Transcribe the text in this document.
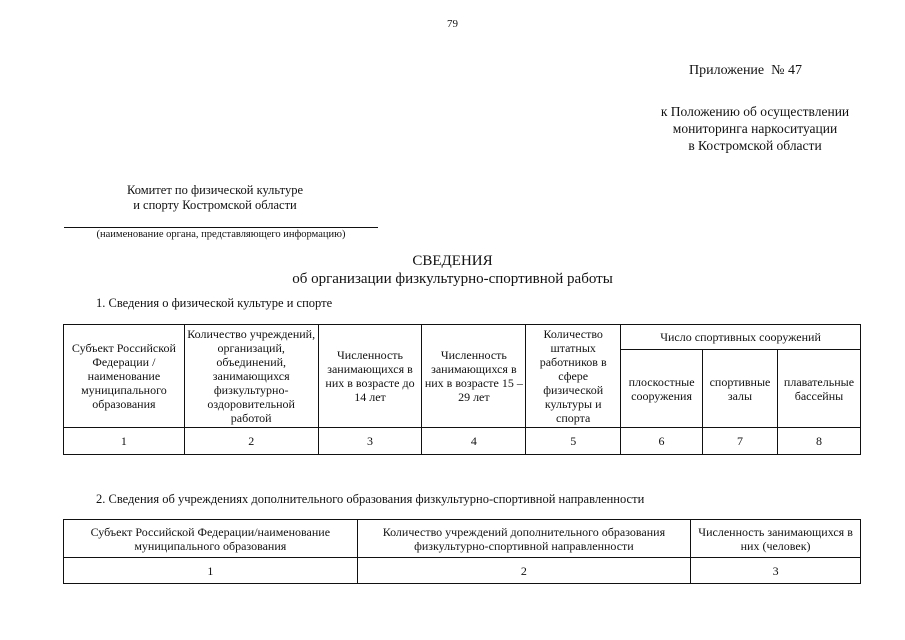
79
Приложение  № 47
к Положению об осуществлении
мониторинга наркоситуации
в Костромской области
Комитет по физической культуре
и спорту Костромской области
(наименование органа, представляющего информацию)
СВЕДЕНИЯ
об организации физкультурно-спортивной работы
1. Сведения о физической культуре и спорте
Субъект Российской Федерации /наименование муниципального образования	Количество учреждений, организаций, объединений, занимающихся физкультурно-оздоровительной работой	Численность занимающихся в них в возрасте до 14 лет	Численность занимающихся в них в возрасте 15 – 29 лет	Количество штатных работников в сфере физической культуры и спорта	Число спортивных сооружений		
					плоскостные сооружения	спортивные залы	плавательные бассейны
1	2	3	4	5	6	7	8
2. Сведения об учреждениях дополнительного образования физкультурно-спортивной направленности
Субъект Российской Федерации/наименование муниципального образования	Количество учреждений дополнительного образования физкультурно-спортивной направленности	Численность занимающихся в них (человек)
1	2	3
